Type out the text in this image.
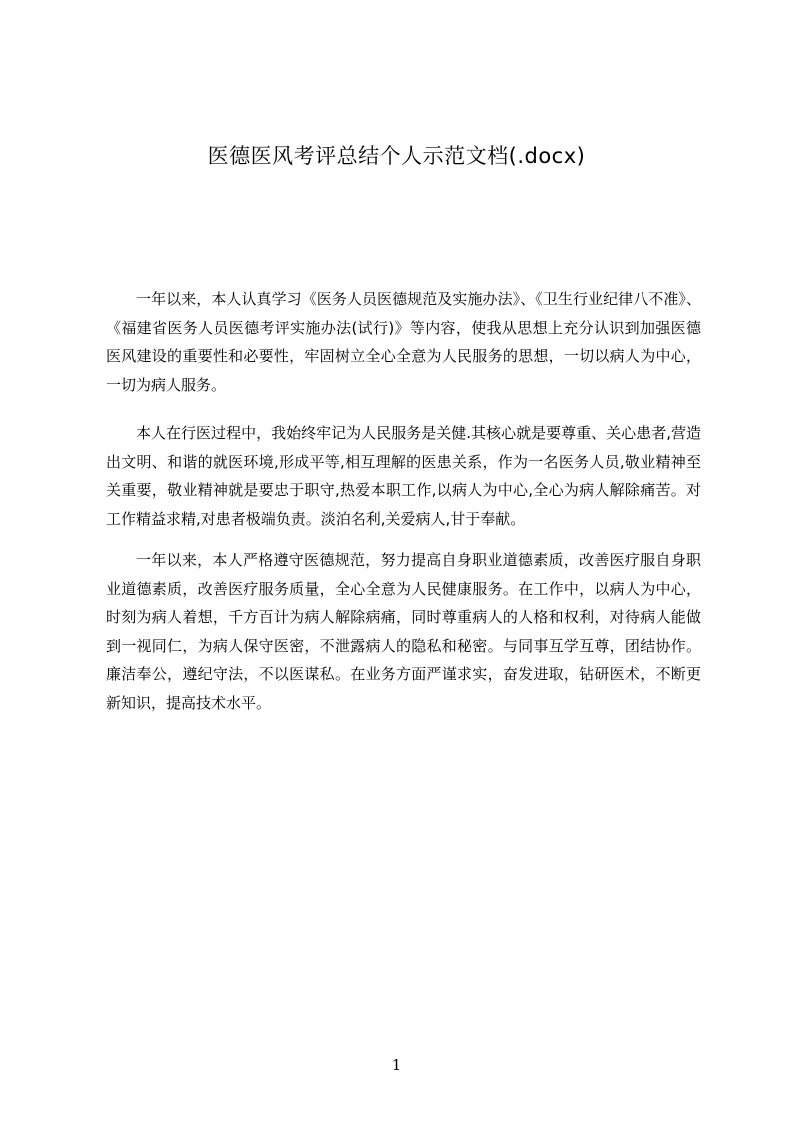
医德医风考评总结个人示范文档(.docx)

一年以来，本人认真学习《医务人员医德规范及实施办法》、《卫生行业纪律八不准》、《福建省医务人员医德考评实施办法(试行)》等内容，使我从思想上充分认识到加强医德医风建设的重要性和必要性，牢固树立全心全意为人民服务的思想，一切以病人为中心，一切为病人服务。

本人在行医过程中，我始终牢记为人民服务是关健.其核心就是要尊重、关心患者,营造出文明、和谐的就医环境,形成平等,相互理解的医患关系，作为一名医务人员,敬业精神至关重要，敬业精神就是要忠于职守,热爱本职工作,以病人为中心,全心为病人解除痛苦。对工作精益求精,对患者极端负责。淡泊名利,关爱病人,甘于奉献。

一年以来，本人严格遵守医德规范，努力提高自身职业道德素质，改善医疗服自身职业道德素质，改善医疗服务质量，全心全意为人民健康服务。在工作中，以病人为中心，时刻为病人着想，千方百计为病人解除病痛，同时尊重病人的人格和权利，对待病人能做到一视同仁，为病人保守医密，不泄露病人的隐私和秘密。与同事互学互尊，团结协作。廉洁奉公，遵纪守法，不以医谋私。在业务方面严谨求实，奋发进取，钻研医术，不断更新知识，提高技术水平。

1
